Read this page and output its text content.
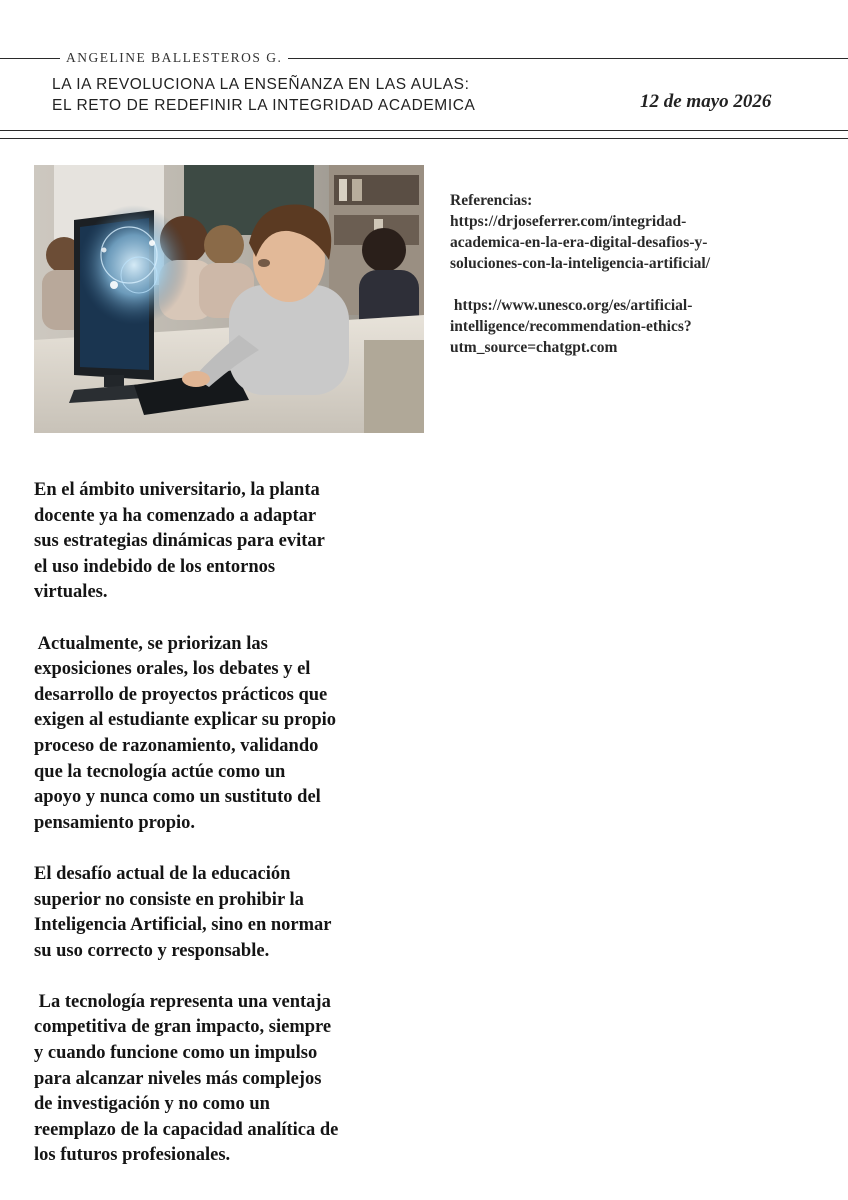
ANGELINE BALLESTEROS G.
LA IA REVOLUCIONA LA ENSEÑANZA EN LAS AULAS:
EL RETO DE REDEFINIR LA INTEGRIDAD ACADEMICA	12 de mayo 2026

Referencias:

https://drjoseferrer.com/integridad-

academica-en-la-era-digital-desafios-y-

soluciones-con-la-inteligencia-artificial/

https://www.unesco.org/es/artificial-

intelligence/recommendation-ethics?

utm_source=chatgpt.com

En el ámbito universitario, la planta
docente ya ha comenzado a adaptar
sus estrategias dinámicas para evitar
el uso indebido de los entornos
virtuales.
Actualmente, se priorizan las
exposiciones orales, los debates y el
desarrollo de proyectos prácticos que
exigen al estudiante explicar su propio
proceso de razonamiento, validando
que la tecnología actúe como un
apoyo y nunca como un sustituto del
pensamiento propio.
El desafío actual de la educación
superior no consiste en prohibir la
Inteligencia Artificial, sino en normar
su uso correcto y responsable.
La tecnología representa una ventaja
competitiva de gran impacto, siempre
y cuando funcione como un impulso
para alcanzar niveles más complejos
de investigación y no como un
reemplazo de la capacidad analítica de
los futuros profesionales.
